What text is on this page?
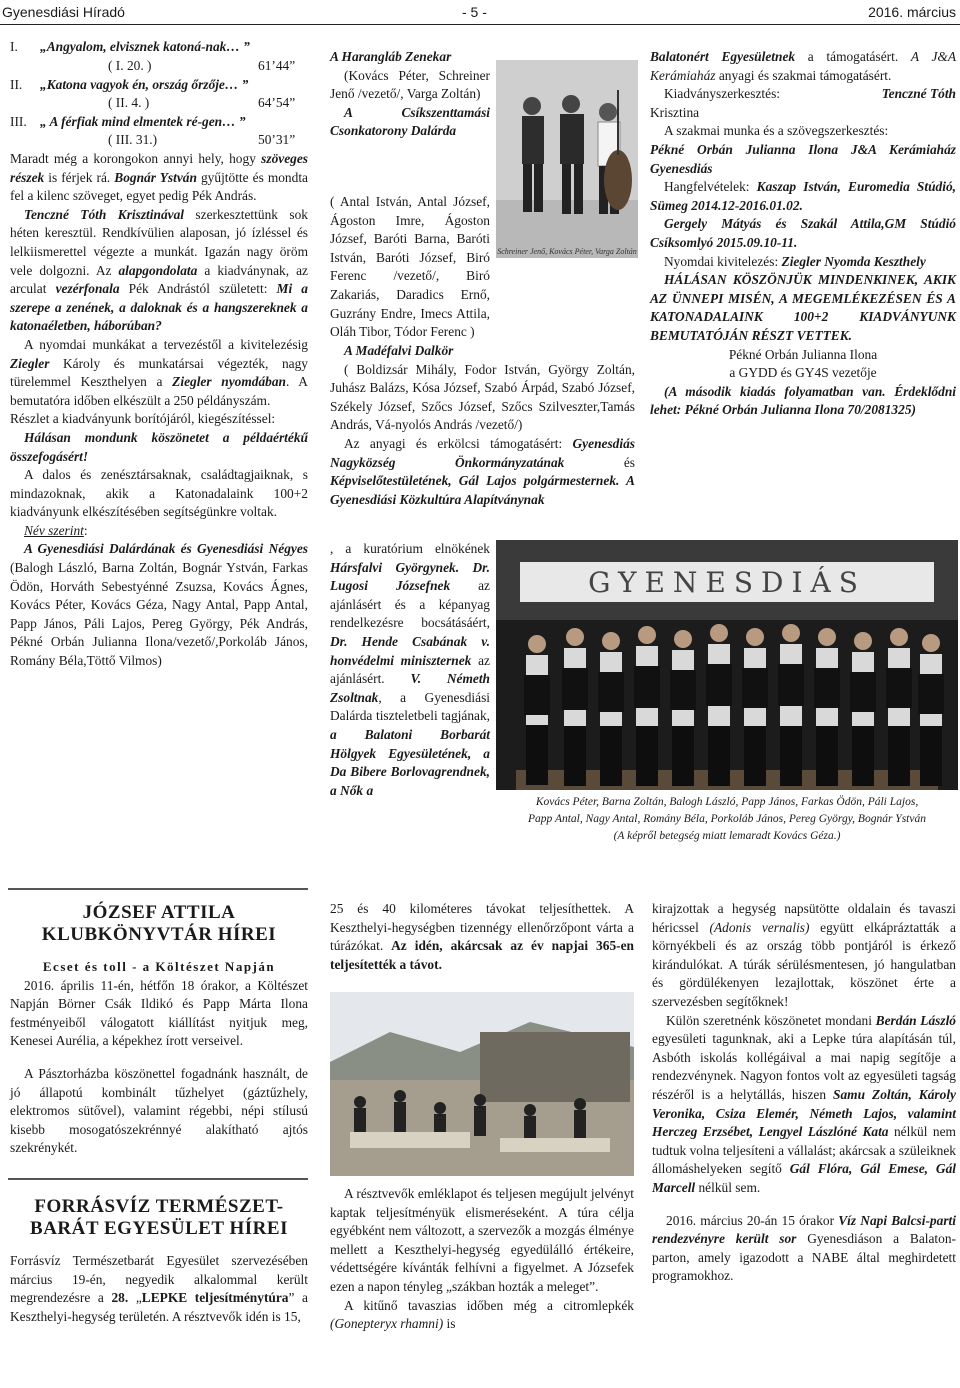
Gyenesdiási Híradó	- 5 -	2016. március
I. „Angyalom, elvisznek katoná-nak… ”
( I. 20. )	61’44”
II. „Katona vagyok én, ország őrzője… ”
( II. 4. )	64’54”
III. „ A férfiak mind elmentek ré-gen… ”
( III. 31.)	50’31”

Maradt még a korongokon annyi hely, hogy szöveges részek is férjek rá. Bognár Ystván gyűjtötte és mondta fel a kilenc szöveget, egyet pedig Pék András.

Tenczné Tóth Krisztinával szerkesztettünk sok héten keresztül. Rendkívülien alaposan, jó ízléssel és lelkiismerettel végezte a munkát. Igazán nagy öröm vele dolgozni. Az alapgondolata a kiadványnak, az arculat vezérfonala Pék Andrástól született: Mi a szerepe a zenének, a daloknak és a hangszereknek a katonaéletben, háborúban?

A nyomdai munkákat a tervezéstől a kivitelezésig Ziegler Károly és munkatársai végezték, nagy türelemmel Keszthelyen a Ziegler nyomdában. A bemutatóra időben elkészült a 250 példányszám.

Részlet a kiadványunk borítójáról, kiegészítéssel:

Hálásan mondunk köszönetet a példaértékű összefogásért!

A dalos és zenésztársaknak, családtagjaiknak, s mindazoknak, akik a Katonadalaink 100+2 kiadványunk elkészítésében segítségünkre voltak.

Név szerint:

A Gyenesdiási Dalárdának és Gyenesdiási Négyes (Balogh László, Barna Zoltán, Bognár Ystván, Farkas Ödön, Horváth Sebestyénné Zsuzsa, Kovács Ágnes, Kovács Péter, Kovács Géza, Nagy Antal, Papp Antal, Papp János, Páli Lajos, Pereg György, Pék András, Pékné Orbán Julianna Ilona/vezető/,Porkoláb János, Romány Béla,Töttő Vilmos)

A Harangláb Zenekar

(Kovács Péter, Schreiner Jenő /vezető/, Varga Zoltán)

A Csíkszenttamási Csonkatorony Dalárda

Schreiner Jenő, Kovács Péter, Varga Zoltán

( Antal István, Antal József, Ágoston Imre, Ágoston József, Baróti Barna, Baróti István, Baróti József, Biró Ferenc /vezető/, Biró Zakariás, Daradics Ernő, Guzrány Endre, Imecs Attila, Oláh Tibor, Tódor Ferenc )

A Madéfalvi Dalkör

( Boldizsár Mihály, Fodor István, György Zoltán, Juhász Balázs, Kósa József, Szabó Árpád, Szabó József, Székely József, Szőcs József, Szőcs Szilveszter,Tamás András, Vá-nyolós András /vezető/)

Az anyagi és erkölcsi támogatásért: Gyenesdiás Nagyközség Önkormányzatának és Képviselőtestületének, Gál Lajos polgármesternek. A Gyenesdiási Közkultúra Alapítványnak

, a kuratórium elnökének Hársfalvi Györgynek. Dr. Lugosi Józsefnek az ajánlásért és a képanyag rendelkezésre bocsátásáért, Dr. Hende Csabának v. honvédelmi miniszternek az ajánlásért. V. Németh Zsoltnak, a Gyenesdiási Dalárda tiszteletbeli tagjának, a Balatoni Borbarát Hölgyek Egyesületének, a Da Bibere Borlovagrendnek, a Nők a

GYENESDIÁS
Kovács Péter, Barna Zoltán, Balogh László, Papp János, Farkas Ödön, Páli Lajos,
Papp Antal, Nagy Antal, Romány Béla, Porkoláb János, Pereg György, Bognár Ystván
(A képről betegség miatt lemaradt Kovács Géza.)

Balatonért Egyesületnek a támogatásért. A J&A Kerámiaház anyagi és szakmai támogatásért.

Kiadványszerkesztés:	Tenczné Tóth

Krisztina

A szakmai munka és a szövegszerkesztés:

Pékné Orbán Julianna Ilona J&A Kerámiaház Gyenesdiás

Hangfelvételek: Kaszap István, Euromedia Stúdió, Sümeg 2014.12-2016.01.02.

Gergely Mátyás és Szakál Attila,GM Stúdió Csíksomlyó 2015.09.10-11.

Nyomdai kivitelezés: Ziegler Nyomda Keszthely

HÁLÁSAN KÖSZÖNJÜK MINDENKINEK, AKIK AZ ÜNNEPI MISÉN, A MEGEMLÉKEZÉSEN ÉS A KATONADALAINK 100+2 KIADVÁNYUNK BEMUTATÓJÁN RÉSZT VETTEK.

Pékné Orbán Julianna Ilona

a GYDD és GY4S vezetője

(A második kiadás folyamatban van. Érdeklődni lehet: Pékné Orbán Julianna Ilona 70/2081325)

JÓZSEF ATTILA
KLUBKÖNYVTÁR HÍREI
Ecset és toll - a Költészet Napján

2016. április 11-én, hétfőn 18 órakor, a Költészet Napján Börner Csák Ildikó és Papp Márta Ilona festményeiből válogatott kiállítást nyitjuk meg, Kenesei Aurélia, a képekhez írott verseivel.

A Pásztorházba köszönettel fogadnánk használt, de jó állapotú kombinált tűzhelyet (gáztűzhely, elektromos sütővel), valamint régebbi, népi stílusú kisebb mosogatószekrénnyé alakítható ajtós szekrénykét.

FORRÁSVÍZ TERMÉSZET-
BARÁT EGYESÜLET HÍREI

Forrásvíz Természetbarát Egyesület szervezésében március 19-én, negyedik alkalommal került megrendezésre a 28. „LEPKE teljesítménytúra” a Keszthelyi-hegység területén. A résztvevők idén is 15,

25 és 40 kilométeres távokat teljesíthettek. A Keszthelyi-hegységben tizennégy ellenőrzőpont várta a túrázókat. Az idén, akárcsak az év napjai 365-en teljesítették a távot.

A résztvevők emléklapot és teljesen megújult jelvényt kaptak teljesítményük elismeréseként. A túra célja egyébként nem változott, a szervezők a mozgás élménye mellett a Keszthelyi-hegység egyedülálló értékeire, védettségére kívánták felhívni a figyelmet. A Józsefek ezen a napon tényleg „szákban hozták a meleget”.

A kitűnő tavaszias időben még a citromlepkék (Gonepteryx rhamni) is

kirajzottak a hegység napsütötte oldalain és tavaszi héricssel (Adonis vernalis) együtt elkápráztatták a környékbeli és az ország több pontjáról is érkező kirándulókat. A túrák sérülésmentesen, jó hangulatban és gördülékenyen lezajlottak, köszönet érte a szervezésben segítőknek!

Külön szeretnénk köszönetet mondani Berdán László egyesületi tagunknak, aki a Lepke túra alapításán túl, Asbóth iskolás kollégáival a mai napig segítője a rendezvénynek. Nagyon fontos volt az egyesületi tagság részéről is a helytállás, hiszen Samu Zoltán, Károly Veronika, Csiza Elemér, Németh Lajos, valamint Herczeg Erzsébet, Lengyel Lászlóné Kata nélkül nem tudtuk volna teljesíteni a vállalást; akárcsak a szüleiknek állomáshelyeken segítő Gál Flóra, Gál Emese, Gál Marcell nélkül sem.

2016. március 20-án 15 órakor Víz Napi Balcsi-parti rendezvényre került sor Gyenesdiáson a Balaton-parton, amely igazodott a NABE által meghirdetett programokhoz.
